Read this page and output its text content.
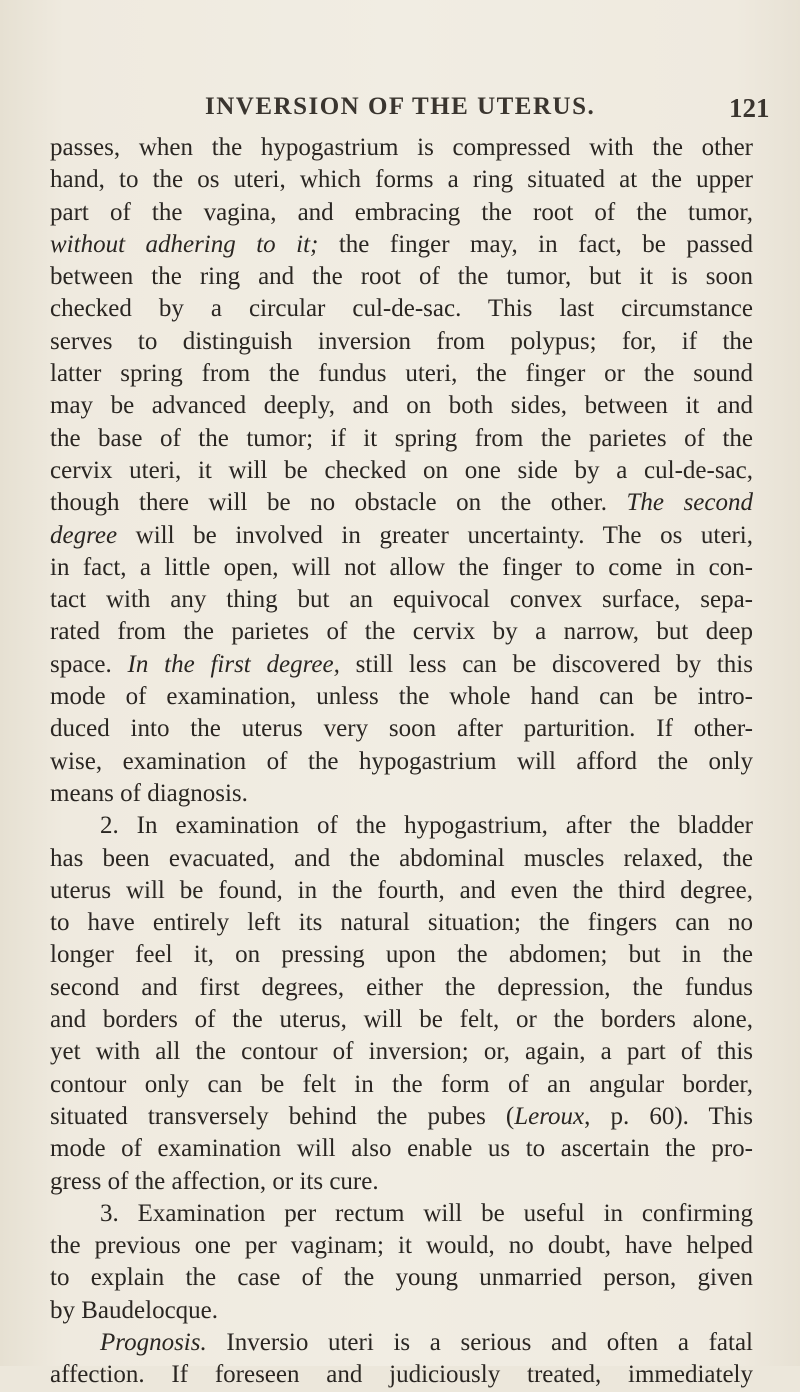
INVERSION OF THE UTERUS.	121
passes, when the hypogastrium is compressed with the other
hand, to the os uteri, which forms a ring situated at the upper
part of the vagina, and embracing the root of the tumor,
without adhering to it; the finger may, in fact, be passed
between the ring and the root of the tumor, but it is soon
checked by a circular cul-de-sac. This last circumstance
serves to distinguish inversion from polypus; for, if the
latter spring from the fundus uteri, the finger or the sound
may be advanced deeply, and on both sides, between it and
the base of the tumor; if it spring from the parietes of the
cervix uteri, it will be checked on one side by a cul-de-sac,
though there will be no obstacle on the other. The second
degree will be involved in greater uncertainty. The os uteri,
in fact, a little open, will not allow the finger to come in con-
tact with any thing but an equivocal convex surface, sepa-
rated from the parietes of the cervix by a narrow, but deep
space. In the first degree, still less can be discovered by this
mode of examination, unless the whole hand can be intro-
duced into the uterus very soon after parturition. If other-
wise, examination of the hypogastrium will afford the only
means of diagnosis.
2. In examination of the hypogastrium, after the bladder
has been evacuated, and the abdominal muscles relaxed, the
uterus will be found, in the fourth, and even the third degree,
to have entirely left its natural situation; the fingers can no
longer feel it, on pressing upon the abdomen; but in the
second and first degrees, either the depression, the fundus
and borders of the uterus, will be felt, or the borders alone,
yet with all the contour of inversion; or, again, a part of this
contour only can be felt in the form of an angular border,
situated transversely behind the pubes (Leroux, p. 60). This
mode of examination will also enable us to ascertain the pro-
gress of the affection, or its cure.
3. Examination per rectum will be useful in confirming
the previous one per vaginam; it would, no doubt, have helped
to explain the case of the young unmarried person, given
by Baudelocque.
Prognosis. Inversio uteri is a serious and often a fatal
affection. If foreseen and judiciously treated, immediately
